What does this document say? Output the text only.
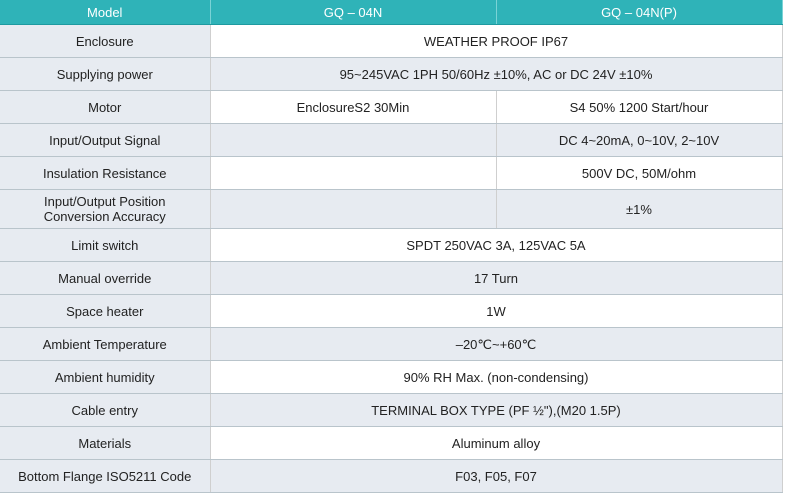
Model	GQ – 04N	GQ – 04N(P)
Enclosure	WEATHER PROOF IP67	
Supplying power	95~245VAC 1PH 50/60Hz ±10%, AC or DC 24V ±10%	
Motor	EnclosureS2 30Min	S4 50% 1200 Start/hour
Input/Output Signal		DC 4~20mA, 0~10V, 2~10V
Insulation Resistance		500V DC, 50M/ohm

Input/Output Position
Conversion Accuracy		±1%
Limit switch	SPDT 250VAC 3A, 125VAC 5A	
Manual override	17 Turn	
Space heater	1W	
Ambient Temperature	–20℃~+60℃	
Ambient humidity	90% RH Max. (non-condensing)	
Cable entry	TERMINAL BOX TYPE (PF ½"),(M20 1.5P)	
Materials	Aluminum alloy	
Bottom Flange ISO5211 Code	F03, F05, F07	
